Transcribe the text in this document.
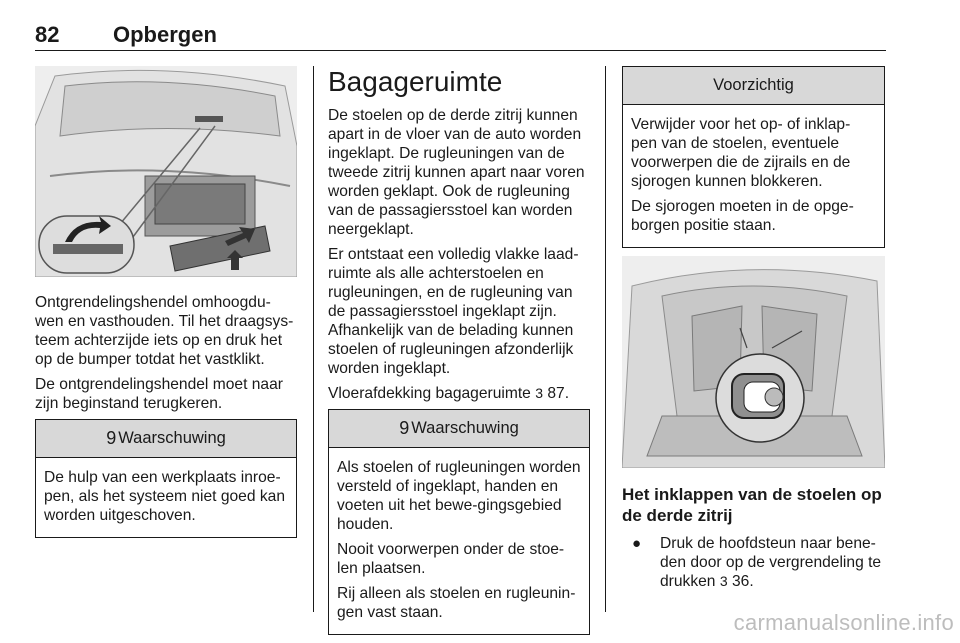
82 Opbergen

Ontgrendelingshendel omhoogdu-wen en vasthouden. Til het draagsys-teem achterzijde iets op en druk het op de bumper totdat het vastklikt.

De ontgrendelingshendel moet naar zijn beginstand terugkeren.

9 Waarschuwing

De hulp van een werkplaats inroe-pen, als het systeem niet goed kan worden uitgeschoven.

Bagageruimte

De stoelen op de derde zitrij kunnen apart in de vloer van de auto worden ingeklapt. De rugleuningen van de tweede zitrij kunnen apart naar voren worden geklapt. Ook de rugleuning van de passagiersstoel kan worden neergeklapt.

Er ontstaat een volledig vlakke laad-ruimte als alle achterstoelen en rugleuningen, en de rugleuning van de passagiersstoel ingeklapt zijn. Afhankelijk van de belading kunnen stoelen of rugleuningen afzonderlijk worden ingeklapt.

Vloerafdekking bagageruimte 3 87.

9 Waarschuwing

Als stoelen of rugleuningen worden versteld of ingeklapt, handen en voeten uit het bewe-gingsgebied houden.

Nooit voorwerpen onder de stoe-len plaatsen.

Rij alleen als stoelen en rugleunin-gen vast staan.

Voorzichtig

Verwijder voor het op- of inklap-pen van de stoelen, eventuele voorwerpen die de zijrails en de sjorogen kunnen blokkeren.

De sjorogen moeten in de opge-borgen positie staan.

Het inklappen van de stoelen op de derde zitrij
●	Druk de hoofdsteun naar bene-den door op de vergrendeling te drukken 3 36.
carmanualsonline.info
